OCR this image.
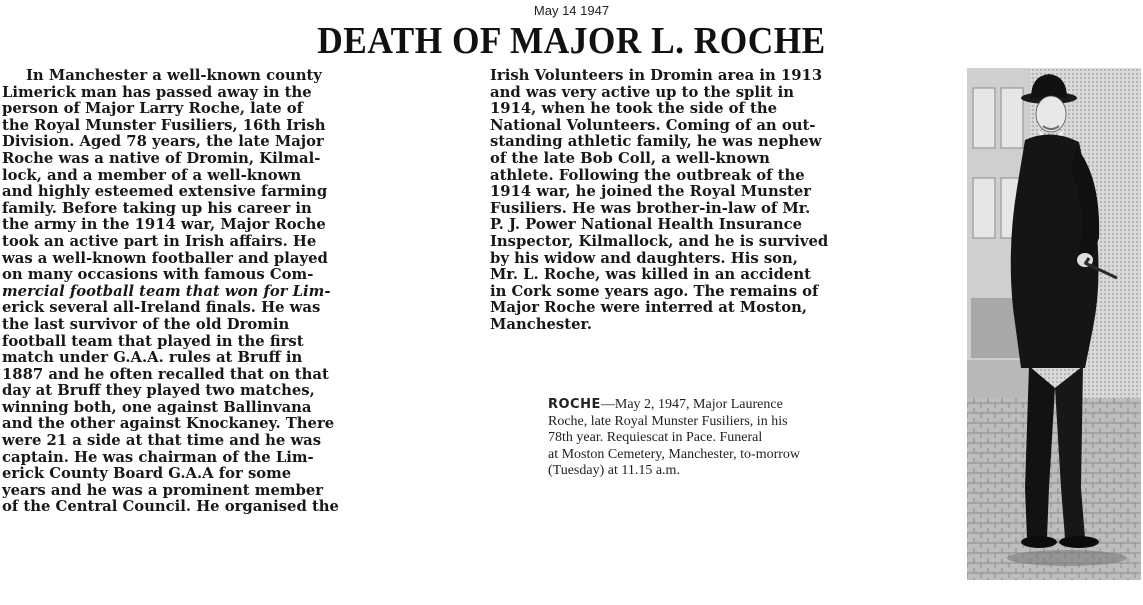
May 14 1947
DEATH OF MAJOR L. ROCHE
In Manchester a well-known county
Limerick man has passed away in the
person of Major Larry Roche, late of
the Royal Munster Fusiliers, 16th Irish
Division. Aged 78 years, the late Major
Roche was a native of Dromin, Kilmal-
lock, and a member of a well-known
and highly esteemed extensive farming
family. Before taking up his career in
the army in the 1914 war, Major Roche
took an active part in Irish affairs. He
was a well-known footballer and played
on many occasions with famous Com-
mercial football team that won for Lim-
erick several all-Ireland finals. He was
the last survivor of the old Dromin
football team that played in the first
match under G.A.A. rules at Bruff in
1887 and he often recalled that on that
day at Bruff they played two matches,
winning both, one against Ballinvana
and the other against Knockaney. There
were 21 a side at that time and he was
captain. He was chairman of the Lim-
erick County Board G.A.A for some
years and he was a prominent member
of the Central Council. He organised the
Irish Volunteers in Dromin area in 1913
and was very active up to the split in
1914, when he took the side of the
National Volunteers. Coming of an out-
standing athletic family, he was nephew
of the late Bob Coll, a well-known
athlete. Following the outbreak of the
1914 war, he joined the Royal Munster
Fusiliers. He was brother-in-law of Mr.
P. J. Power National Health Insurance
Inspector, Kilmallock, and he is survived
by his widow and daughters. His son,
Mr. L. Roche, was killed in an accident
in Cork some years ago. The remains of
Major Roche were interred at Moston,
Manchester.
ROCHE—May 2, 1947, Major Laurence
Roche, late Royal Munster Fusiliers, in his
78th year. Requiescat in Pace. Funeral
at Moston Cemetery, Manchester, to-morrow
(Tuesday) at 11.15 a.m.
